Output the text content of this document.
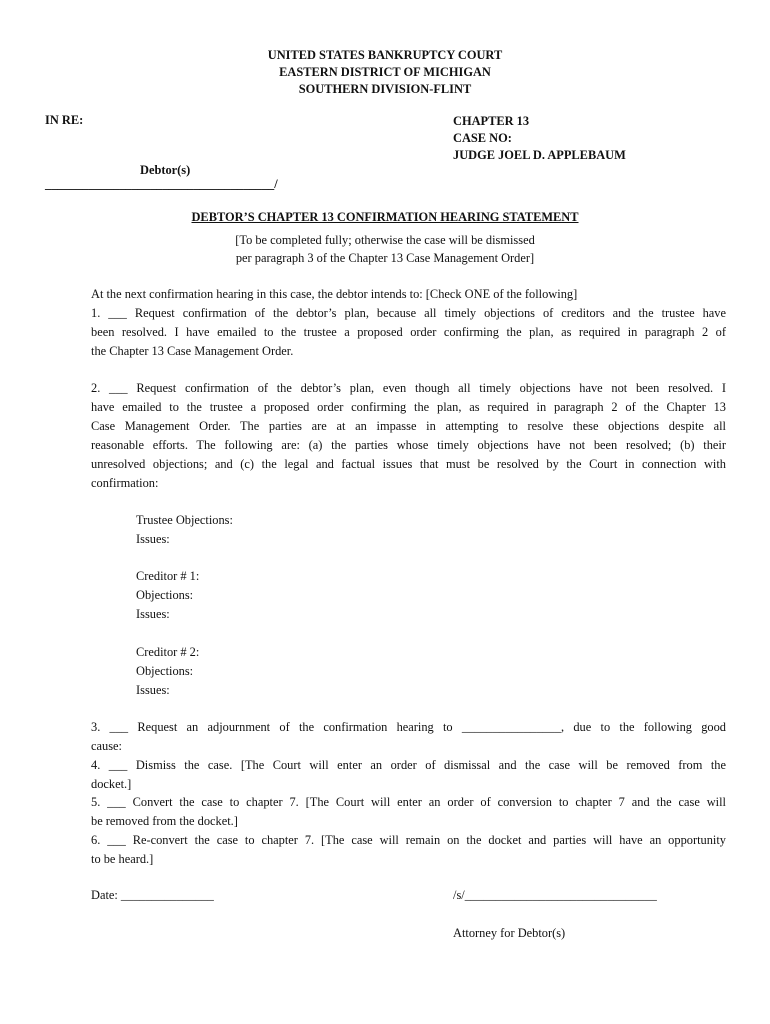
UNITED STATES BANKRUPTCY COURT
EASTERN DISTRICT OF MICHIGAN
SOUTHERN DIVISION-FLINT
IN RE:	CHAPTER 13
CASE NO:
JUDGE JOEL D. APPLEBAUM
Debtor(s)
_____________________________________/
DEBTOR’S CHAPTER 13 CONFIRMATION HEARING STATEMENT
[To be completed fully; otherwise the case will be dismissed
per paragraph 3 of the Chapter 13 Case Management Order]
At the next confirmation hearing in this case, the debtor intends to: [Check ONE of the following]
1. ___ Request confirmation of the debtor’s plan, because all timely objections of creditors and the trustee have
been resolved. I have emailed to the trustee a proposed order confirming the plan, as required in paragraph 2 of
the Chapter 13 Case Management Order.
2. ___ Request confirmation of the debtor’s plan, even though all timely objections have not been resolved. I
have emailed to the trustee a proposed order confirming the plan, as required in paragraph 2 of the Chapter 13
Case Management Order. The parties are at an impasse in attempting to resolve these objections despite all
reasonable efforts. The following are: (a) the parties whose timely objections have not been resolved; (b) their
unresolved objections; and (c) the legal and factual issues that must be resolved by the Court in connection with
confirmation:
Trustee Objections:
Issues:
Creditor # 1:
Objections:
Issues:
Creditor # 2:
Objections:
Issues:
3. ___ Request an adjournment of the confirmation hearing to ________________, due to the following good
cause:
4. ___ Dismiss the case. [The Court will enter an order of dismissal and the case will be removed from the
docket.]
5. ___ Convert the case to chapter 7. [The Court will enter an order of conversion to chapter 7 and the case will
be removed from the docket.]
6. ___ Re-convert the case to chapter 7. [The case will remain on the docket and parties will have an opportunity
to be heard.]
Date: _______________	/s/_______________________________
Attorney for Debtor(s)
